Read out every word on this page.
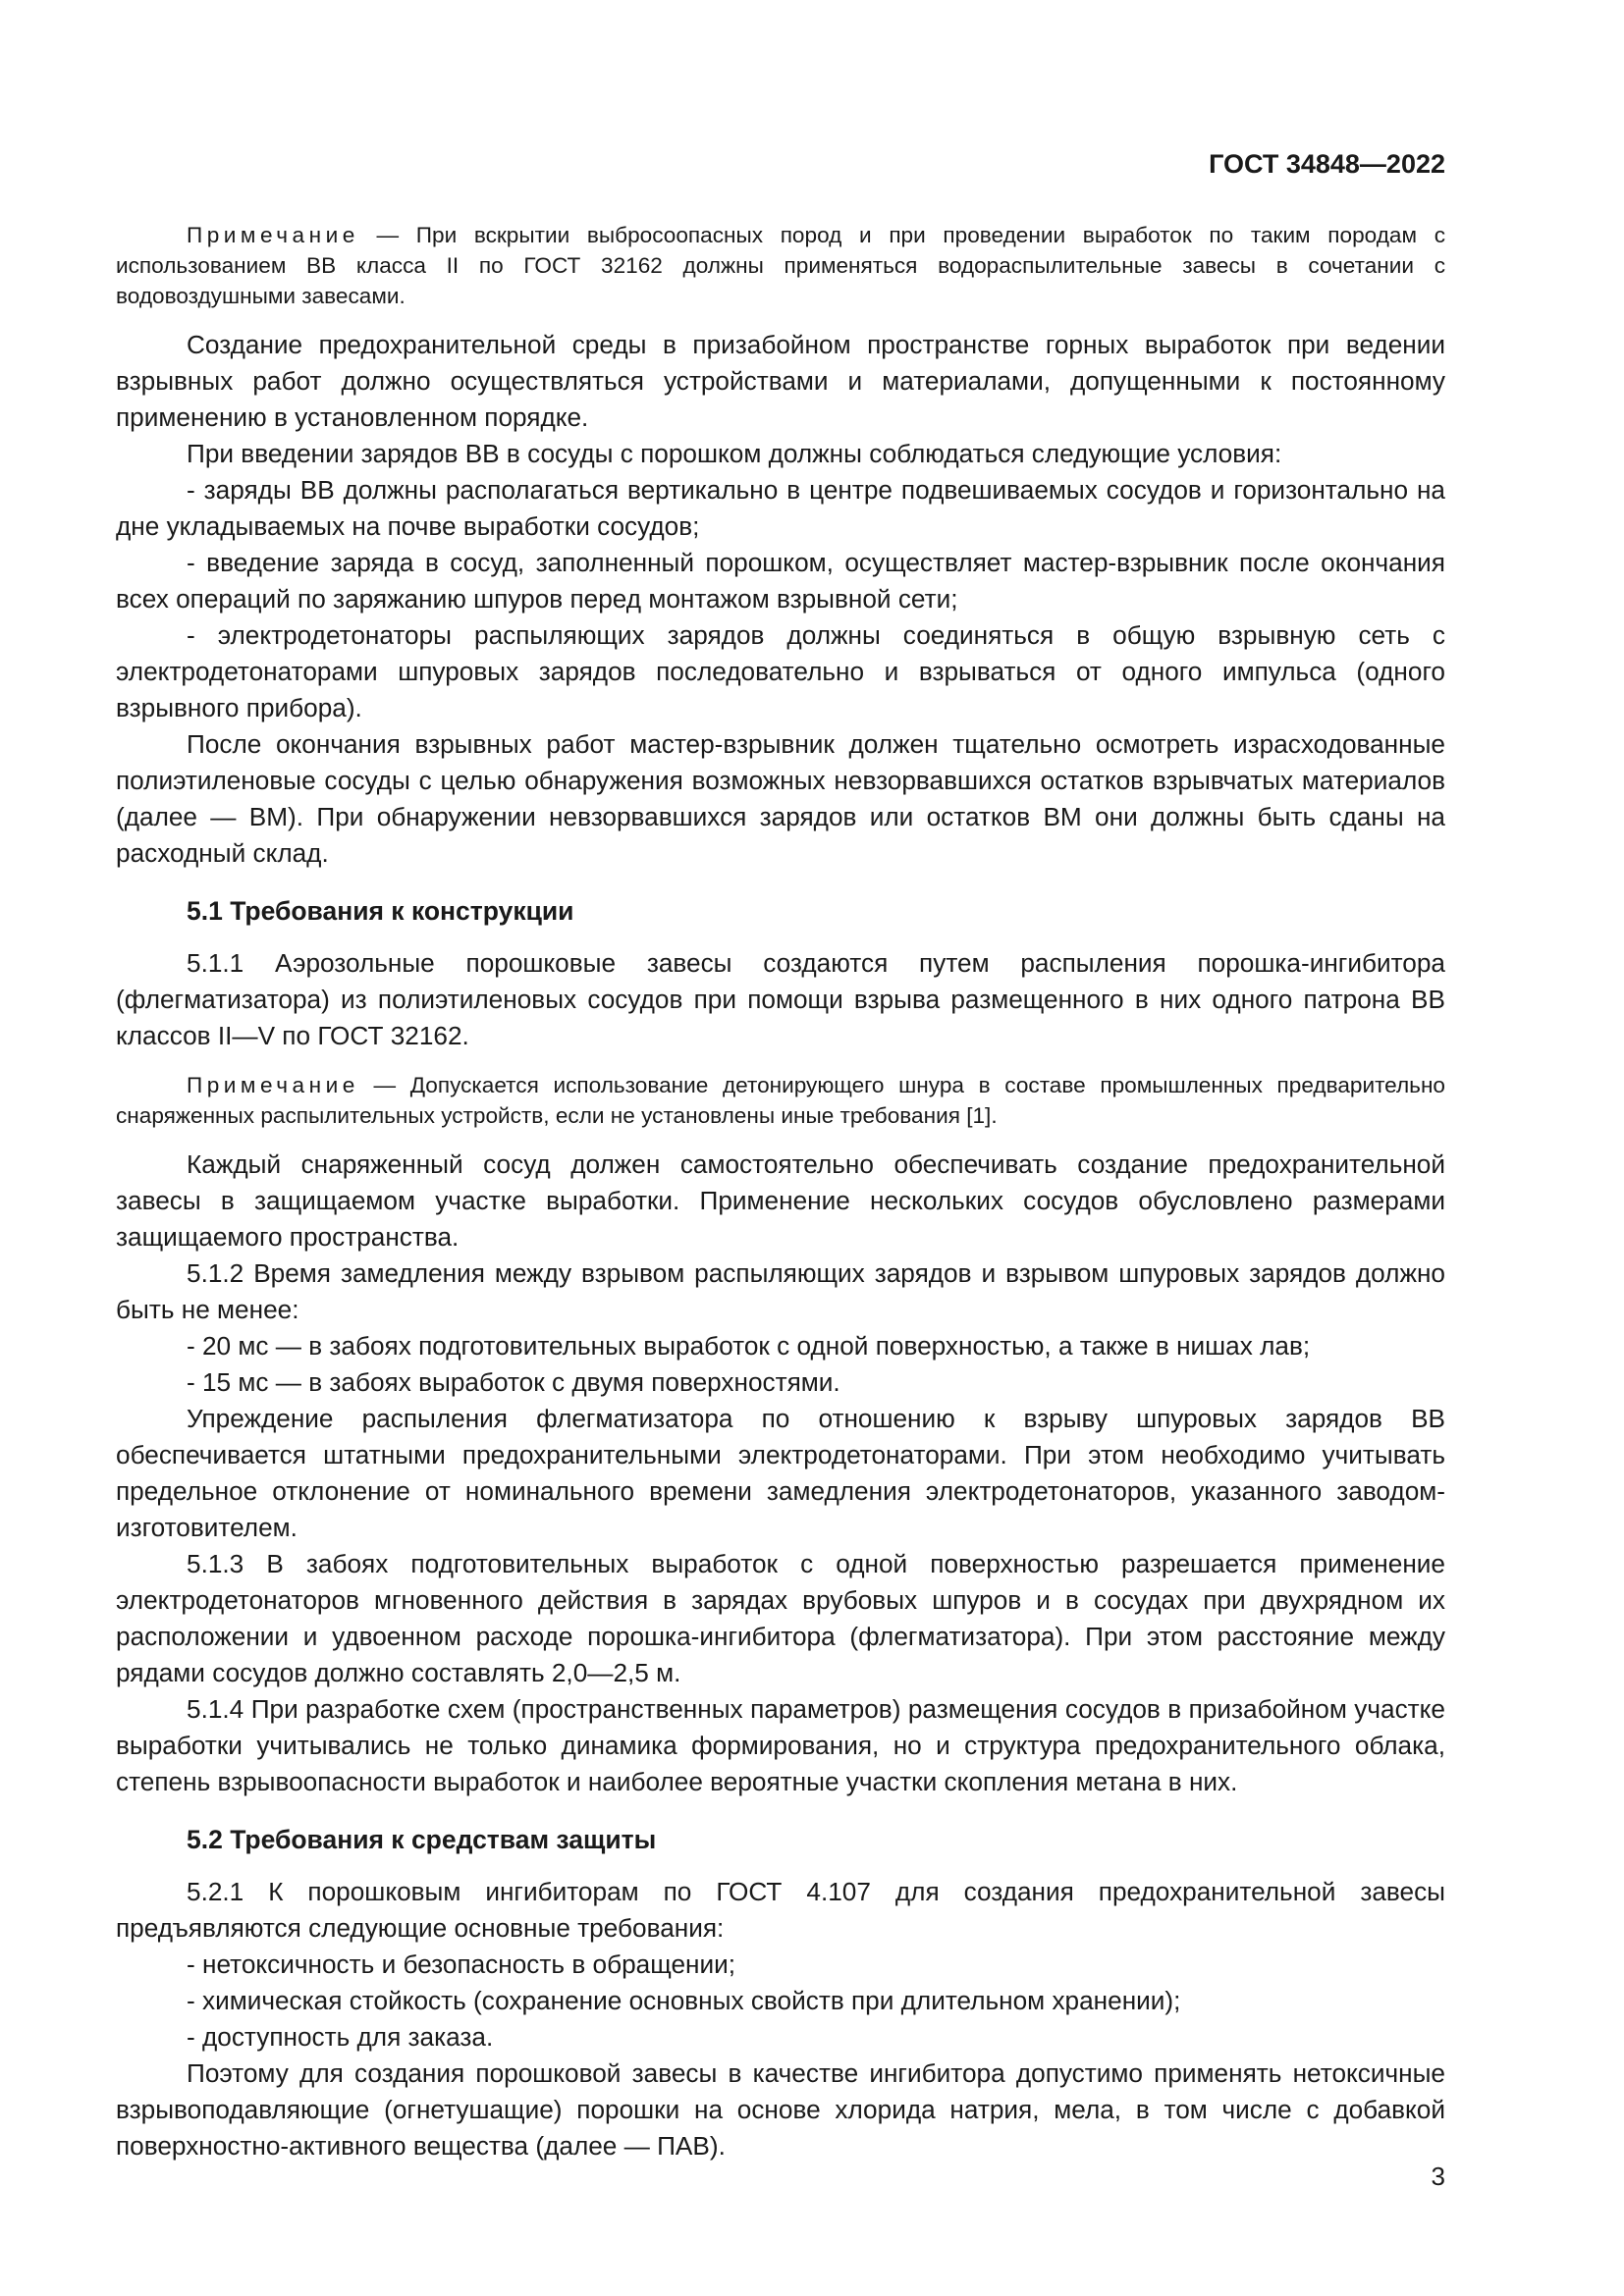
ГОСТ 34848—2022

Примечание — При вскрытии выбросоопасных пород и при проведении выработок по таким породам с использованием ВВ класса II по ГОСТ 32162 должны применяться водораспылительные завесы в сочетании с водовоздушными завесами.

Создание предохранительной среды в призабойном пространстве горных выработок при ведении взрывных работ должно осуществляться устройствами и материалами, допущенными к постоянному применению в установленном порядке.

При введении зарядов ВВ в сосуды с порошком должны соблюдаться следующие условия:

- заряды ВВ должны располагаться вертикально в центре подвешиваемых сосудов и горизонтально на дне укладываемых на почве выработки сосудов;

- введение заряда в сосуд, заполненный порошком, осуществляет мастер-взрывник после окончания всех операций по заряжанию шпуров перед монтажом взрывной сети;

- электродетонаторы распыляющих зарядов должны соединяться в общую взрывную сеть с электродетонаторами шпуровых зарядов последовательно и взрываться от одного импульса (одного взрывного прибора).

После окончания взрывных работ мастер-взрывник должен тщательно осмотреть израсходованные полиэтиленовые сосуды с целью обнаружения возможных невзорвавшихся остатков взрывчатых материалов (далее — ВМ). При обнаружении невзорвавшихся зарядов или остатков ВМ они должны быть сданы на расходный склад.

5.1 Требования к конструкции

5.1.1 Аэрозольные порошковые завесы создаются путем распыления порошка-ингибитора (флегматизатора) из полиэтиленовых сосудов при помощи взрыва размещенного в них одного патрона ВВ классов II—V по ГОСТ 32162.

Примечание — Допускается использование детонирующего шнура в составе промышленных предварительно снаряженных распылительных устройств, если не установлены иные требования [1].

Каждый снаряженный сосуд должен самостоятельно обеспечивать создание предохранительной завесы в защищаемом участке выработки. Применение нескольких сосудов обусловлено размерами защищаемого пространства.

5.1.2 Время замедления между взрывом распыляющих зарядов и взрывом шпуровых зарядов должно быть не менее:

- 20 мс — в забоях подготовительных выработок с одной поверхностью, а также в нишах лав;

- 15 мс — в забоях выработок с двумя поверхностями.

Упреждение распыления флегматизатора по отношению к взрыву шпуровых зарядов ВВ обеспечивается штатными предохранительными электродетонаторами. При этом необходимо учитывать предельное отклонение от номинального времени замедления электродетонаторов, указанного заводом-изготовителем.

5.1.3 В забоях подготовительных выработок с одной поверхностью разрешается применение электродетонаторов мгновенного действия в зарядах врубовых шпуров и в сосудах при двухрядном их расположении и удвоенном расходе порошка-ингибитора (флегматизатора). При этом расстояние между рядами сосудов должно составлять 2,0—2,5 м.

5.1.4 При разработке схем (пространственных параметров) размещения сосудов в призабойном участке выработки учитывались не только динамика формирования, но и структура предохранительного облака, степень взрывоопасности выработок и наиболее вероятные участки скопления метана в них.

5.2 Требования к средствам защиты

5.2.1 К порошковым ингибиторам по ГОСТ 4.107 для создания предохранительной завесы предъявляются следующие основные требования:

- нетоксичность и безопасность в обращении;

- химическая стойкость (сохранение основных свойств при длительном хранении);

- доступность для заказа.

Поэтому для создания порошковой завесы в качестве ингибитора допустимо применять нетоксичные взрывоподавляющие (огнетушащие) порошки на основе хлорида натрия, мела, в том числе с добавкой поверхностно-активного вещества (далее — ПАВ).

3
